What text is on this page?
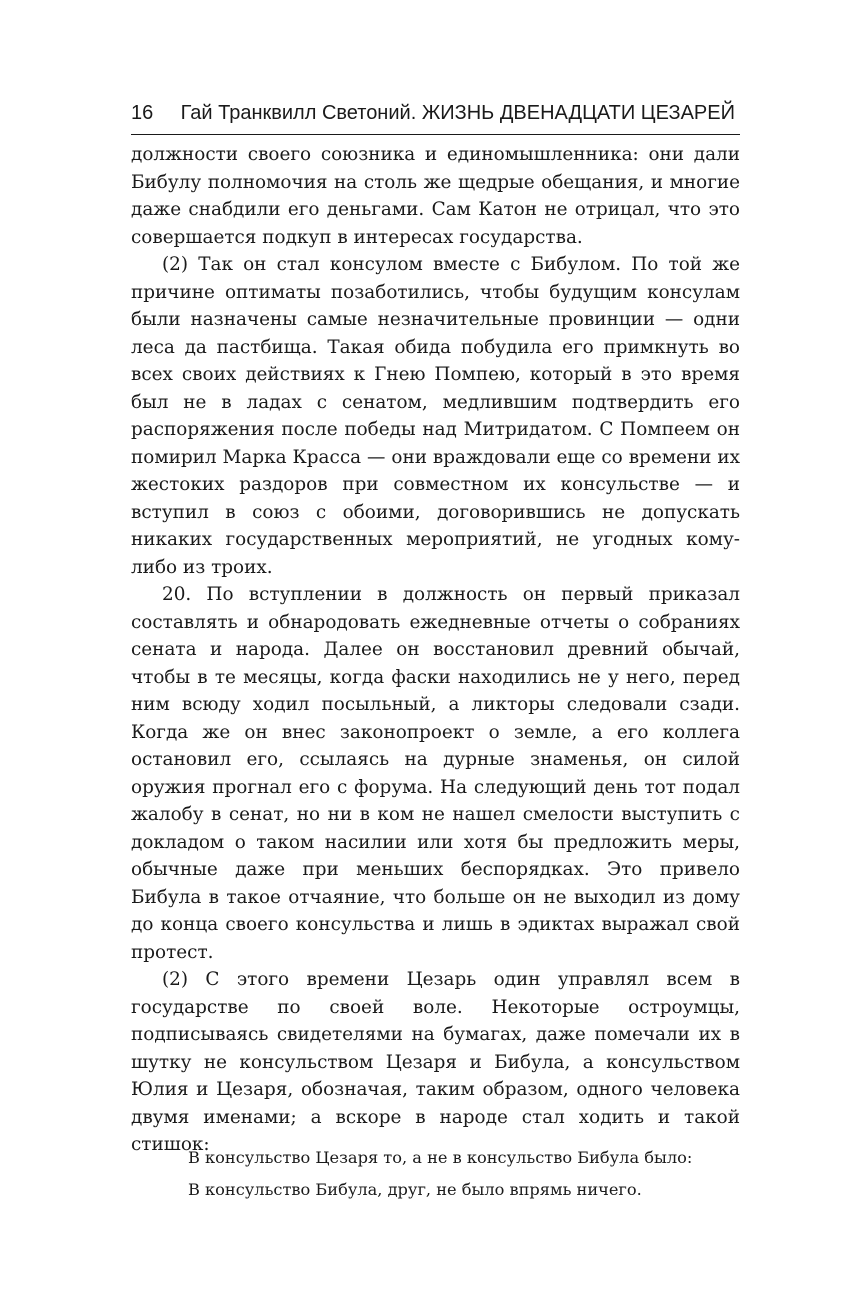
16 Гай Транквилл Светоний. ЖИЗНЬ ДВЕНАДЦАТИ ЦЕЗАРЕЙ

должности своего союзника и единомышленника: они дали Бибулу полномочия на столь же щедрые обещания, и многие даже снабдили его деньгами. Сам Катон не отрицал, что это совершается подкуп в интересах государства.

(2) Так он стал консулом вместе с Бибулом. По той же причине оптиматы позаботились, чтобы будущим консулам были назначены самые незначительные провинции — одни леса да пастбища. Такая обида побудила его примкнуть во всех своих действиях к Гнею Помпею, который в это время был не в ладах с сенатом, медлившим подтвердить его распоряжения после победы над Митридатом. С Помпеем он помирил Марка Красса — они враждовали еще со времени их жестоких раздоров при совместном их консульстве — и вступил в союз с обоими, договорившись не допускать никаких государственных мероприятий, не угодных кому-либо из троих.

20. По вступлении в должность он первый приказал составлять и обнародовать ежедневные отчеты о собраниях сената и народа. Далее он восстановил древний обычай, чтобы в те месяцы, когда фаски находились не у него, перед ним всюду ходил посыльный, а ликторы следовали сзади. Когда же он внес законопроект о земле, а его коллега остановил его, ссылаясь на дурные знаменья, он силой оружия прогнал его с форума. На следующий день тот подал жалобу в сенат, но ни в ком не нашел смелости выступить с докладом о таком насилии или хотя бы предложить меры, обычные даже при меньших беспорядках. Это привело Бибула в такое отчаяние, что больше он не выходил из дому до конца своего консульства и лишь в эдиктах выражал свой протест.

(2) С этого времени Цезарь один управлял всем в государстве по своей воле. Некоторые остроумцы, подписываясь свидетелями на бумагах, даже помечали их в шутку не консульством Цезаря и Бибула, а консульством Юлия и Цезаря, обозначая, таким образом, одного человека двумя именами; а вскоре в народе стал ходить и такой стишок:

В консульство Цезаря то, а не в консульство Бибула было:
В консульство Бибула, друг, не было впрямь ничего.
